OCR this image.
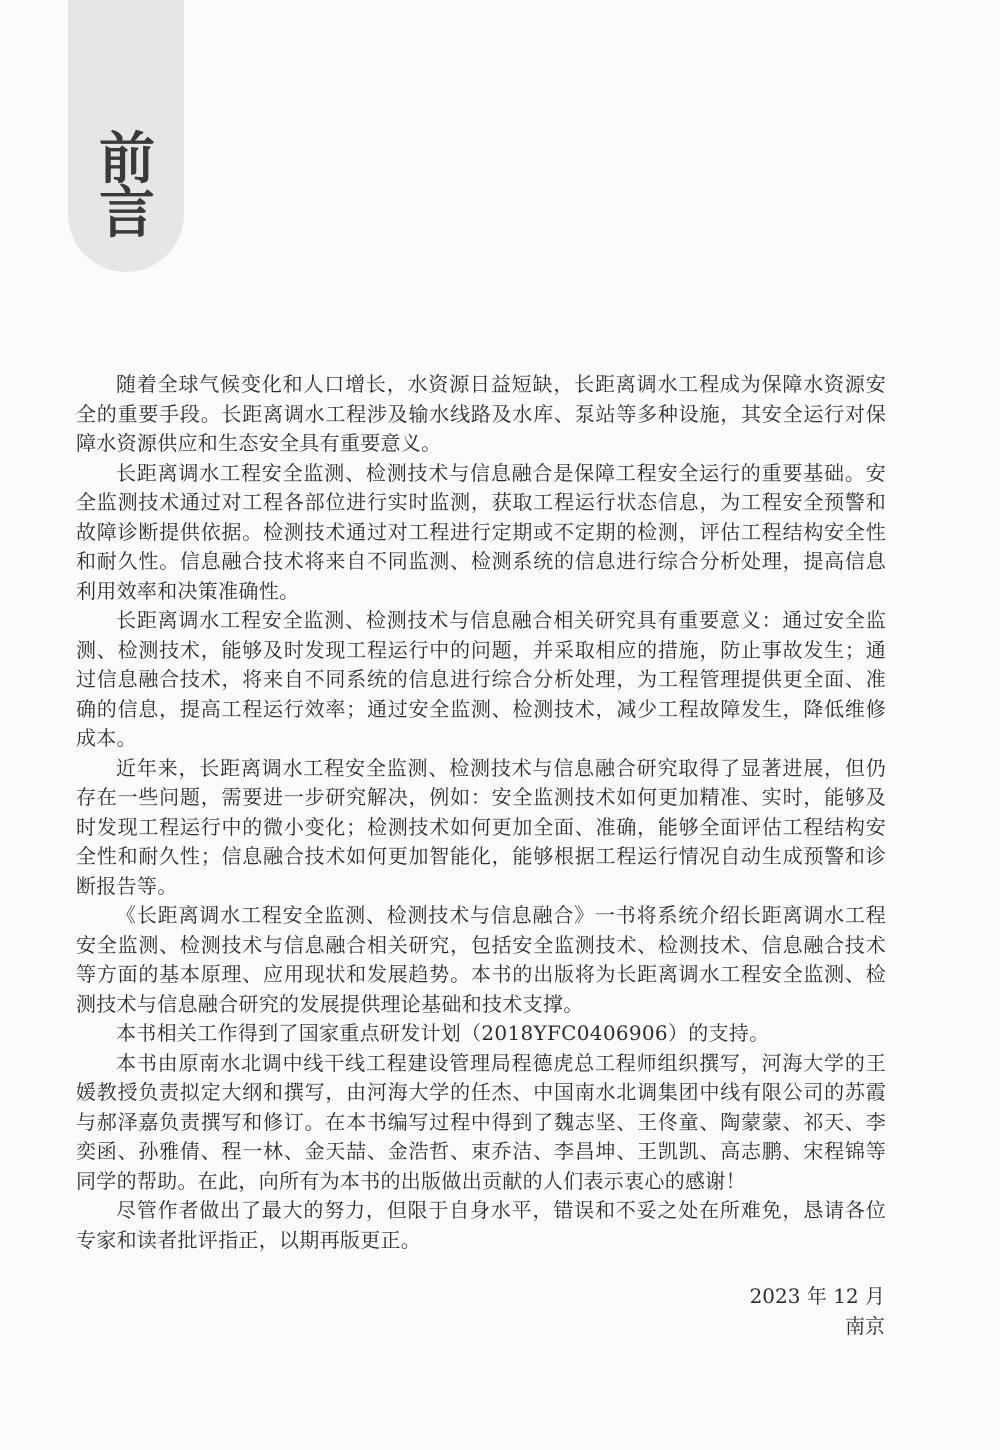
前
言

随着全球气候变化和人口增长，水资源日益短缺，长距离调水工程成为保障水资源安全的重要手段。长距离调水工程涉及输水线路及水库、泵站等多种设施，其安全运行对保障水资源供应和生态安全具有重要意义。

长距离调水工程安全监测、检测技术与信息融合是保障工程安全运行的重要基础。安全监测技术通过对工程各部位进行实时监测，获取工程运行状态信息，为工程安全预警和故障诊断提供依据。检测技术通过对工程进行定期或不定期的检测，评估工程结构安全性和耐久性。信息融合技术将来自不同监测、检测系统的信息进行综合分析处理，提高信息利用效率和决策准确性。

长距离调水工程安全监测、检测技术与信息融合相关研究具有重要意义：通过安全监测、检测技术，能够及时发现工程运行中的问题，并采取相应的措施，防止事故发生；通过信息融合技术，将来自不同系统的信息进行综合分析处理，为工程管理提供更全面、准确的信息，提高工程运行效率；通过安全监测、检测技术，减少工程故障发生，降低维修成本。

近年来，长距离调水工程安全监测、检测技术与信息融合研究取得了显著进展，但仍存在一些问题，需要进一步研究解决，例如：安全监测技术如何更加精准、实时，能够及时发现工程运行中的微小变化；检测技术如何更加全面、准确，能够全面评估工程结构安全性和耐久性；信息融合技术如何更加智能化，能够根据工程运行情况自动生成预警和诊断报告等。

《长距离调水工程安全监测、检测技术与信息融合》一书将系统介绍长距离调水工程安全监测、检测技术与信息融合相关研究，包括安全监测技术、检测技术、信息融合技术等方面的基本原理、应用现状和发展趋势。本书的出版将为长距离调水工程安全监测、检测技术与信息融合研究的发展提供理论基础和技术支撑。

本书相关工作得到了国家重点研发计划（2018YFC0406906）的支持。

本书由原南水北调中线干线工程建设管理局程德虎总工程师组织撰写，河海大学的王媛教授负责拟定大纲和撰写，由河海大学的任杰、中国南水北调集团中线有限公司的苏霞与郝泽嘉负责撰写和修订。在本书编写过程中得到了魏志坚、王佟童、陶蒙蒙、祁天、李奕函、孙雅倩、程一林、金天喆、金浩哲、束乔洁、李昌坤、王凯凯、高志鹏、宋程锦等同学的帮助。在此，向所有为本书的出版做出贡献的人们表示衷心的感谢！

尽管作者做出了最大的努力，但限于自身水平，错误和不妥之处在所难免，恳请各位专家和读者批评指正，以期再版更正。

2023 年 12 月
南京
